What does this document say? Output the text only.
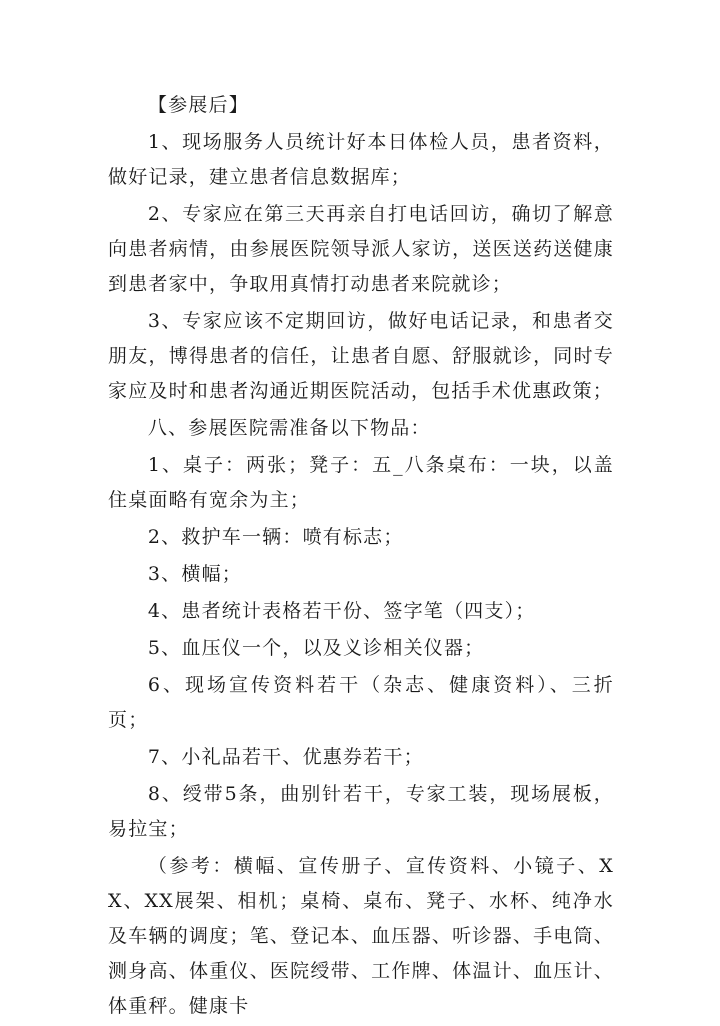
【参展后】

1、现场服务人员统计好本日体检人员，患者资料，做好记录，建立患者信息数据库；

2、专家应在第三天再亲自打电话回访，确切了解意向患者病情，由参展医院领导派人家访，送医送药送健康到患者家中，争取用真情打动患者来院就诊；

3、专家应该不定期回访，做好电话记录，和患者交朋友，博得患者的信任，让患者自愿、舒服就诊，同时专家应及时和患者沟通近期医院活动，包括手术优惠政策；

八、参展医院需准备以下物品：

1、桌子：两张；凳子：五_八条桌布：一块，以盖住桌面略有宽余为主；

2、救护车一辆：喷有标志；

3、横幅；

4、患者统计表格若干份、签字笔（四支）；

5、血压仪一个，以及义诊相关仪器；

6、现场宣传资料若干（杂志、健康资料）、三折页；

7、小礼品若干、优惠券若干；

8、绶带5条，曲别针若干，专家工装，现场展板，易拉宝；

（参考：横幅、宣传册子、宣传资料、小镜子、XX、XX展架、相机；桌椅、桌布、凳子、水杯、纯净水及车辆的调度；笔、登记本、血压器、听诊器、手电筒、测身高、体重仪、医院绶带、工作牌、体温计、血压计、体重秤。健康卡
